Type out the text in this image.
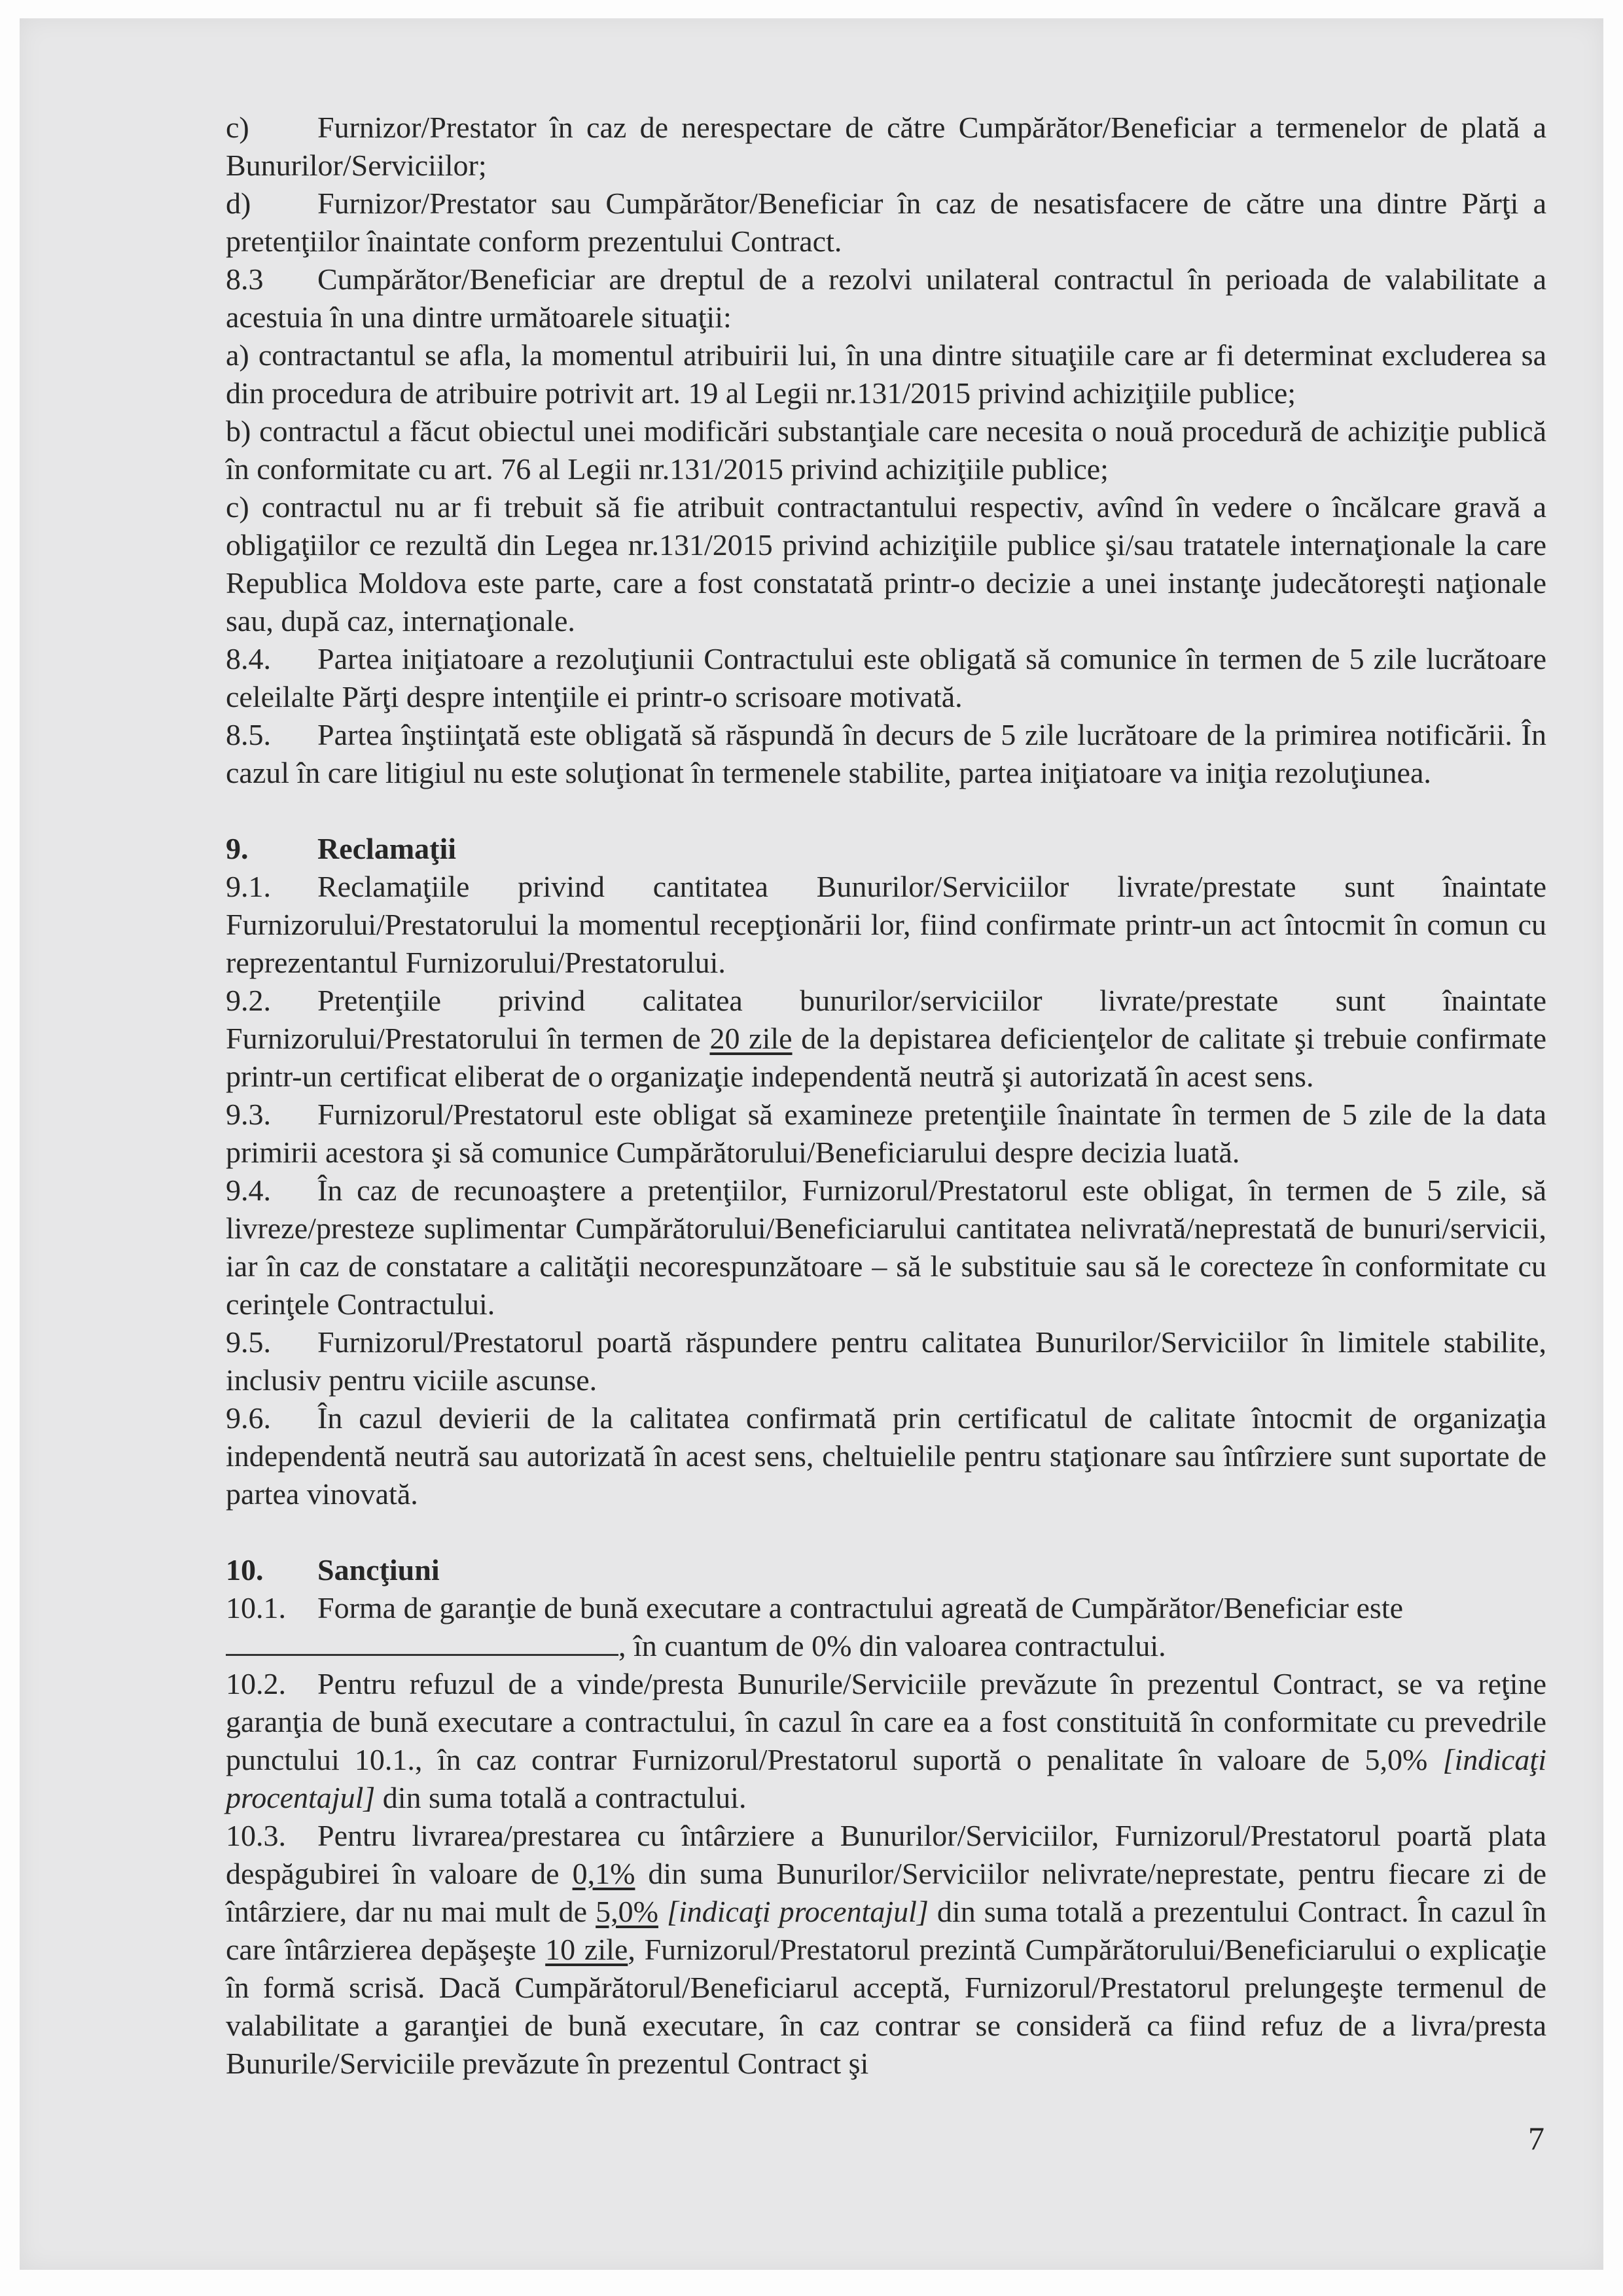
c) Furnizor/Prestator în caz de nerespectare de către Cumpărător/Beneficiar a termenelor de plată a Bunurilor/Serviciilor;

d) Furnizor/Prestator sau Cumpărător/Beneficiar în caz de nesatisfacere de către una dintre Părţi a pretenţiilor înaintate conform prezentului Contract.

8.3 Cumpărător/Beneficiar are dreptul de a rezolvi unilateral contractul în perioada de valabilitate a acestuia în una dintre următoarele situaţii:

a) contractantul se afla, la momentul atribuirii lui, în una dintre situaţiile care ar fi determinat excluderea sa din procedura de atribuire potrivit art. 19 al Legii nr.131/2015 privind achiziţiile publice;

b) contractul a făcut obiectul unei modificări substanţiale care necesita o nouă procedură de achiziţie publică în conformitate cu art. 76 al Legii nr.131/2015 privind achiziţiile publice;

c) contractul nu ar fi trebuit să fie atribuit contractantului respectiv, avînd în vedere o încălcare gravă a obligaţiilor ce rezultă din Legea nr.131/2015 privind achiziţiile publice şi/sau tratatele internaţionale la care Republica Moldova este parte, care a fost constatată printr-o decizie a unei instanţe judecătoreşti naţionale sau, după caz, internaţionale.

8.4. Partea iniţiatoare a rezoluţiunii Contractului este obligată să comunice în termen de 5 zile lucrătoare celeilalte Părţi despre intenţiile ei printr-o scrisoare motivată.

8.5. Partea înştiinţată este obligată să răspundă în decurs de 5 zile lucrătoare de la primirea notificării. În cazul în care litigiul nu este soluţionat în termenele stabilite, partea iniţiatoare va iniţia rezoluţiunea.

9. Reclamaţii

9.1. Reclamaţiile privind cantitatea Bunurilor/Serviciilor livrate/prestate sunt înaintate Furnizorului/Prestatorului la momentul recepţionării lor, fiind confirmate printr-un act întocmit în comun cu reprezentantul Furnizorului/Prestatorului.

9.2. Pretenţiile privind calitatea bunurilor/serviciilor livrate/prestate sunt înaintate Furnizorului/Prestatorului în termen de 20 zile de la depistarea deficienţelor de calitate şi trebuie confirmate printr-un certificat eliberat de o organizaţie independentă neutră şi autorizată în acest sens.

9.3. Furnizorul/Prestatorul este obligat să examineze pretenţiile înaintate în termen de 5 zile de la data primirii acestora şi să comunice Cumpărătorului/Beneficiarului despre decizia luată.

9.4. În caz de recunoaştere a pretenţiilor, Furnizorul/Prestatorul este obligat, în termen de 5 zile, să livreze/presteze suplimentar Cumpărătorului/Beneficiarului cantitatea nelivrată/neprestată de bunuri/servicii, iar în caz de constatare a calităţii necorespunzătoare – să le substituie sau să le corecteze în conformitate cu cerinţele Contractului.

9.5. Furnizorul/Prestatorul poartă răspundere pentru calitatea Bunurilor/Serviciilor în limitele stabilite, inclusiv pentru viciile ascunse.

9.6. În cazul devierii de la calitatea confirmată prin certificatul de calitate întocmit de organizaţia independentă neutră sau autorizată în acest sens, cheltuielile pentru staţionare sau întîrziere sunt suportate de partea vinovată.

10. Sancţiuni

10.1. Forma de garanţie de bună executare a contractului agreată de Cumpărător/Beneficiar este
, în cuantum de 0% din valoarea contractului.

10.2. Pentru refuzul de a vinde/presta Bunurile/Serviciile prevăzute în prezentul Contract, se va reţine garanţia de bună executare a contractului, în cazul în care ea a fost constituită în conformitate cu prevedrile punctului 10.1., în caz contrar Furnizorul/Prestatorul suportă o penalitate în valoare de 5,0% [indicaţi procentajul] din suma totală a contractului.

10.3. Pentru livrarea/prestarea cu întârziere a Bunurilor/Serviciilor, Furnizorul/Prestatorul poartă plata despăgubirei în valoare de 0,1% din suma Bunurilor/Serviciilor nelivrate/neprestate, pentru fiecare zi de întârziere, dar nu mai mult de 5,0% [indicaţi procentajul] din suma totală a prezentului Contract. În cazul în care întârzierea depăşeşte 10 zile, Furnizorul/Prestatorul prezintă Cumpărătorului/Beneficiarului o explicaţie în formă scrisă. Dacă Cumpărătorul/Beneficiarul acceptă, Furnizorul/Prestatorul prelungeşte termenul de valabilitate a garanţiei de bună executare, în caz contrar se consideră ca fiind refuz de a livra/presta Bunurile/Serviciile prevăzute în prezentul Contract şi

7
